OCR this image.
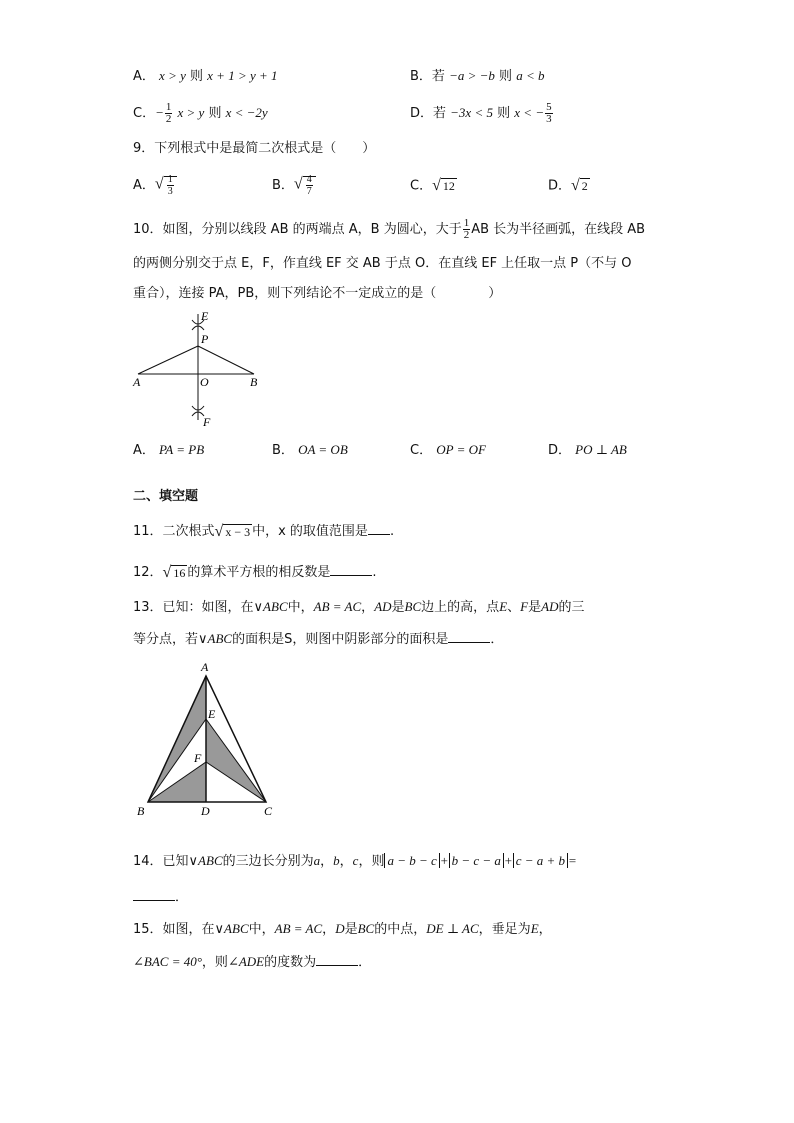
A． x > y 则 x + 1 > y + 1	B．若 −a > −b 则 a < b
C．− $\frac{1}{2}$ x > y 则 x < −2y	D．若 −3x < 5 则 x < − $\frac{5}{3}$
9．下列根式中是最简二次根式是（　　）
A．√ $\frac{1}{3}$	B．√ $\frac{4}{7}$	C．√ 12	D．√ 2
10．如图，分别以线段 AB 的两端点 A，B 为圆心，大于 $\frac{1}{2}$ AB 长为半径画弧，在线段 AB
的两侧分别交于点 E，F，作直线 EF 交 AB 于点 O．在直线 EF 上任取一点 P（不与 O
重合），连接 PA，PB，则下列结论不一定成立的是（　　　　）
E
P
A	O	B
F
A． PA = PB	B． OA = OB	C． OP = OF	D． PO ⊥ AB
二、填空题
11．二次根式√ x − 3 中，x 的取值范围是 .
12．√ 16 的算术平方根的相反数是	.
13．已知：如图，在∨ABC中，AB = AC，AD是BC边上的高，点E、F是AD的三
等分点，若∨ABC的面积是S，则图中阴影部分的面积是	．
A
E
F
B	D	C
14．已知∨ABC的三边长分别为a，b，c，则 a − b − c + b − c − a + c − a + b =
．
15．如图，在∨ABC中，AB = AC，D是BC的中点，DE ⊥ AC，垂足为E，
∠BAC = 40°，则∠ADE的度数为	．
